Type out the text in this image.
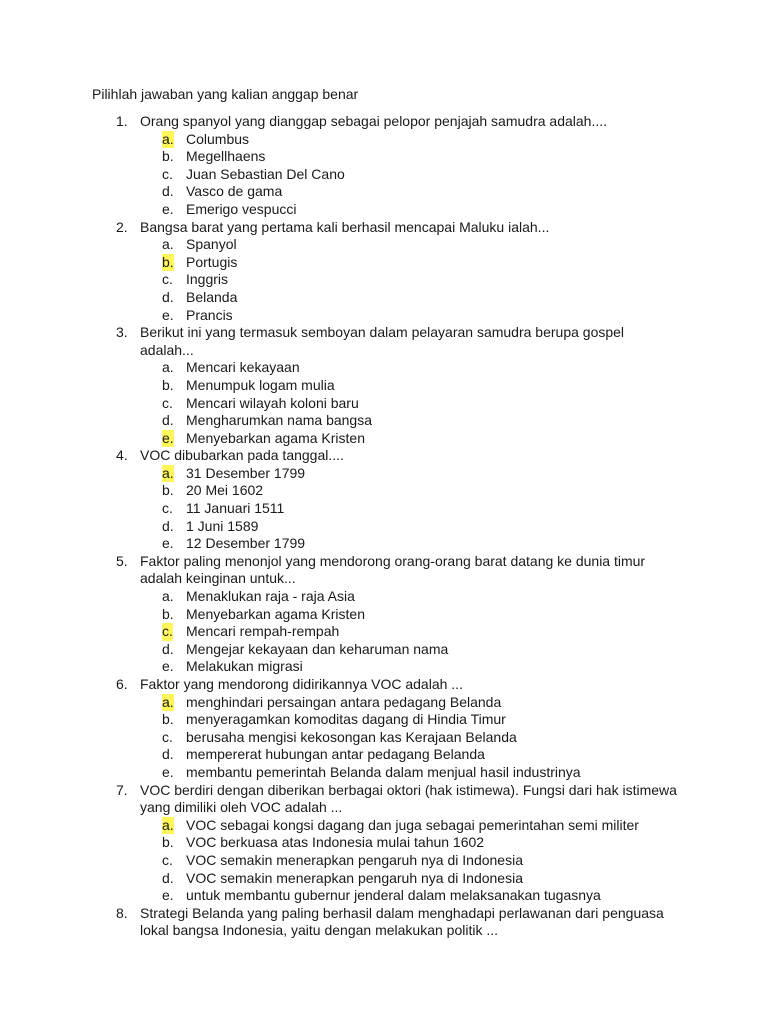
Pilihlah jawaban yang kalian anggap benar
1. Orang spanyol yang dianggap sebagai pelopor penjajah samudra adalah....
a. Columbus
b. Megellhaens
c. Juan Sebastian Del Cano
d. Vasco de gama
e. Emerigo vespucci
2. Bangsa barat yang pertama kali berhasil mencapai Maluku ialah...
a. Spanyol
b. Portugis
c. Inggris
d. Belanda
e. Prancis
3. Berikut ini yang termasuk semboyan dalam pelayaran samudra berupa gospel adalah...
a. Mencari kekayaan
b. Menumpuk logam mulia
c. Mencari wilayah koloni baru
d. Mengharumkan nama bangsa
e. Menyebarkan agama Kristen
4. VOC dibubarkan pada tanggal....
a. 31 Desember 1799
b. 20 Mei 1602
c. 11 Januari 1511
d. 1 Juni 1589
e. 12 Desember 1799
5. Faktor paling menonjol yang mendorong orang-orang barat datang ke dunia timur adalah keinginan untuk...
a. Menaklukan raja - raja Asia
b. Menyebarkan agama Kristen
c. Mencari rempah-rempah
d. Mengejar kekayaan dan keharuman nama
e. Melakukan migrasi
6. Faktor yang mendorong didirikannya VOC adalah ...
a. menghindari persaingan antara pedagang Belanda
b. menyeragamkan komoditas dagang di Hindia Timur
c. berusaha mengisi kekosongan kas Kerajaan Belanda
d. mempererat hubungan antar pedagang Belanda
e. membantu pemerintah Belanda dalam menjual hasil industrinya
7. VOC berdiri dengan diberikan berbagai oktori (hak istimewa). Fungsi dari hak istimewa yang dimiliki oleh VOC adalah ...
a. VOC sebagai kongsi dagang dan juga sebagai pemerintahan semi militer
b. VOC berkuasa atas Indonesia mulai tahun 1602
c. VOC semakin menerapkan pengaruh nya di Indonesia
d. VOC semakin menerapkan pengaruh nya di Indonesia
e. untuk membantu gubernur jenderal dalam melaksanakan tugasnya
8. Strategi Belanda yang paling berhasil dalam menghadapi perlawanan dari penguasa lokal bangsa Indonesia, yaitu dengan melakukan politik ...
